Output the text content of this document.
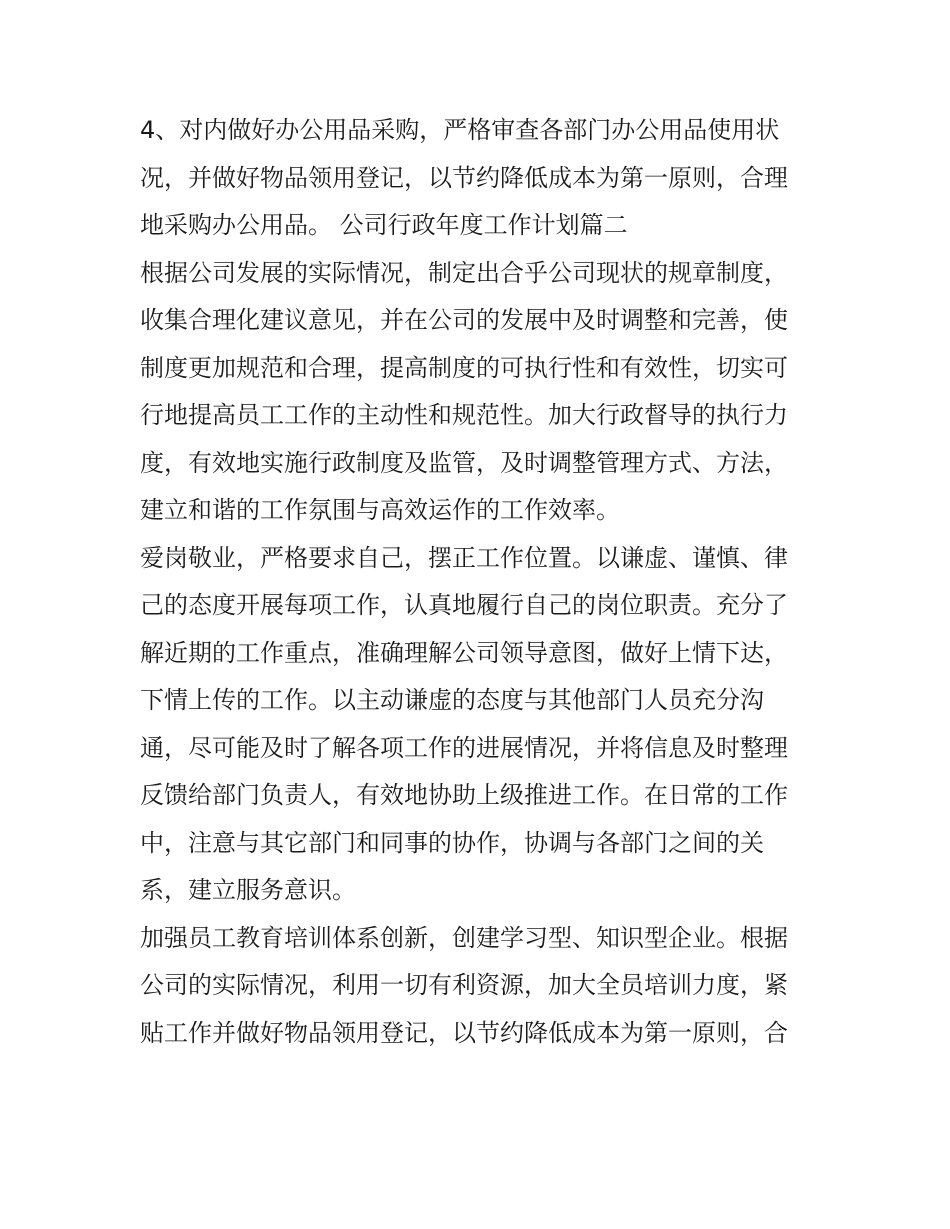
4、对内做好办公用品采购，严格审查各部门办公用品使用状
况，并做好物品领用登记，以节约降低成本为第一原则，合理
地采购办公用品。 公司行政年度工作计划篇二
根据公司发展的实际情况，制定出合乎公司现状的规章制度，
收集合理化建议意见，并在公司的发展中及时调整和完善，使
制度更加规范和合理，提高制度的可执行性和有效性，切实可
行地提高员工工作的主动性和规范性。加大行政督导的执行力
度，有效地实施行政制度及监管，及时调整管理方式、方法，
建立和谐的工作氛围与高效运作的工作效率。
爱岗敬业，严格要求自己，摆正工作位置。以谦虚、谨慎、律
己的态度开展每项工作，认真地履行自己的岗位职责。充分了
解近期的工作重点，准确理解公司领导意图，做好上情下达，
下情上传的工作。以主动谦虚的态度与其他部门人员充分沟
通，尽可能及时了解各项工作的进展情况，并将信息及时整理
反馈给部门负责人，有效地协助上级推进工作。在日常的工作
中，注意与其它部门和同事的协作，协调与各部门之间的关
系，建立服务意识。
加强员工教育培训体系创新，创建学习型、知识型企业。根据
公司的实际情况，利用一切有利资源，加大全员培训力度，紧
贴工作并做好物品领用登记，以节约降低成本为第一原则，合
